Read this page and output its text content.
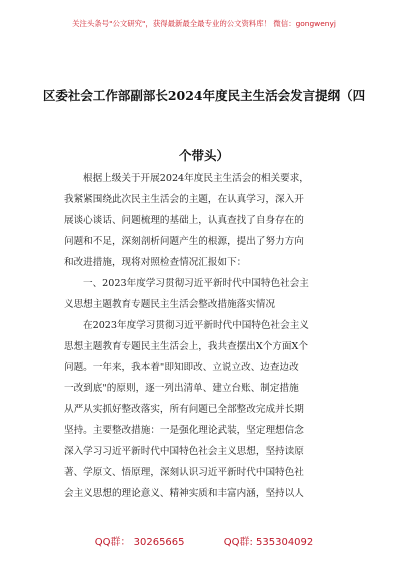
关注头条号"公文研究"，获得最新最全最专业的公文资料库！ 微信：gongwenyj
区委社会工作部副部长2024年度民主生活会发言提纲（四
个带头）

根据上级关于开展2024年度民主生活会的相关要求，

我紧紧围绕此次民主生活会的主题，在认真学习，深入开

展谈心谈话、问题梳理的基础上，认真查找了自身存在的

问题和不足，深刻剖析问题产生的根源，提出了努力方向

和改进措施，现将对照检查情况汇报如下：

一、2023年度学习贯彻习近平新时代中国特色社会主

义思想主题教育专题民主生活会整改措施落实情况

在2023年度学习贯彻习近平新时代中国特色社会主义

思想主题教育专题民主生活会上，我共查摆出X个方面X个

问题。一年来，我本着"即知即改、立说立改、边查边改

一改到底"的原则，逐一列出清单、建立台账、制定措施

从严从实抓好整改落实，所有问题已全部整改完成并长期

坚持。主要整改措施：一是强化理论武装，坚定理想信念

深入学习习近平新时代中国特色社会主义思想，坚持读原

著、学原文、悟原理，深刻认识习近平新时代中国特色社

会主义思想的理论意义、精神实质和丰富内涵，坚持以人

QQ群： 30265665	QQ群: 535304092
